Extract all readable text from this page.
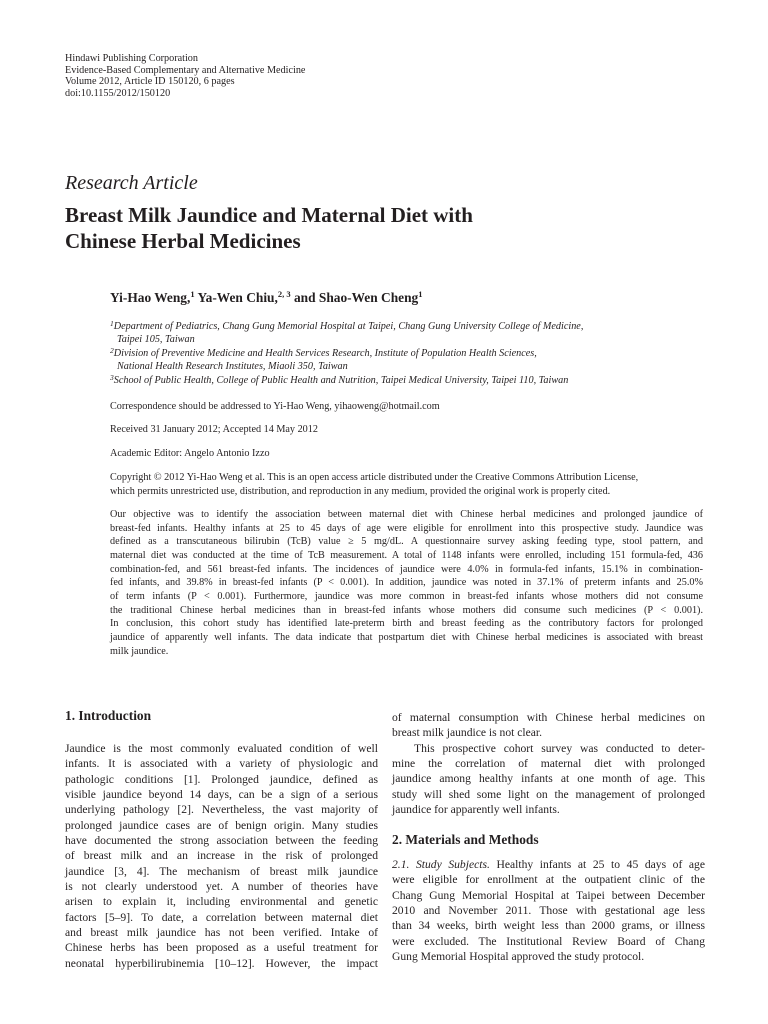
Hindawi Publishing Corporation
Evidence-Based Complementary and Alternative Medicine
Volume 2012, Article ID 150120, 6 pages
doi:10.1155/2012/150120
Research Article
Breast Milk Jaundice and Maternal Diet with
Chinese Herbal Medicines
Yi-Hao Weng,$^1$ Ya-Wen Chiu,$^{2, 3}$ and Shao-Wen Cheng$^1$
$^1$Department of Pediatrics, Chang Gung Memorial Hospital at Taipei, Chang Gung University College of Medicine,
Taipei 105, Taiwan
$^2$Division of Preventive Medicine and Health Services Research, Institute of Population Health Sciences,
National Health Research Institutes, Miaoli 350, Taiwan
$^3$School of Public Health, College of Public Health and Nutrition, Taipei Medical University, Taipei 110, Taiwan
Correspondence should be addressed to Yi-Hao Weng, yihaoweng@hotmail.com
Received 31 January 2012; Accepted 14 May 2012
Academic Editor: Angelo Antonio Izzo
Copyright © 2012 Yi-Hao Weng et al. This is an open access article distributed under the Creative Commons Attribution License,
which permits unrestricted use, distribution, and reproduction in any medium, provided the original work is properly cited.
Our objective was to identify the association between maternal diet with Chinese herbal medicines and prolonged jaundice of
breast-fed infants. Healthy infants at 25 to 45 days of age were eligible for enrollment into this prospective study. Jaundice was
defined as a transcutaneous bilirubin (TcB) value ≥ 5 mg/dL. A questionnaire survey asking feeding type, stool pattern, and
maternal diet was conducted at the time of TcB measurement. A total of 1148 infants were enrolled, including 151 formula-fed, 436
combination-fed, and 561 breast-fed infants. The incidences of jaundice were 4.0% in formula-fed infants, 15.1% in combination-
fed infants, and 39.8% in breast-fed infants (P < 0.001). In addition, jaundice was noted in 37.1% of preterm infants and 25.0%
of term infants (P < 0.001). Furthermore, jaundice was more common in breast-fed infants whose mothers did not consume
the traditional Chinese herbal medicines than in breast-fed infants whose mothers did consume such medicines (P < 0.001).
In conclusion, this cohort study has identified late-preterm birth and breast feeding as the contributory factors for prolonged
jaundice of apparently well infants. The data indicate that postpartum diet with Chinese herbal medicines is associated with breast
milk jaundice.
1. Introduction
Jaundice is the most commonly evaluated condition of well
infants. It is associated with a variety of physiologic and
pathologic conditions [1]. Prolonged jaundice, defined as
visible jaundice beyond 14 days, can be a sign of a serious
underlying pathology [2]. Nevertheless, the vast majority of
prolonged jaundice cases are of benign origin. Many studies
have documented the strong association between the feeding
of breast milk and an increase in the risk of prolonged
jaundice [3, 4]. The mechanism of breast milk jaundice
is not clearly understood yet. A number of theories have
arisen to explain it, including environmental and genetic
factors [5–9]. To date, a correlation between maternal diet
and breast milk jaundice has not been verified. Intake of
Chinese herbs has been proposed as a useful treatment for
neonatal hyperbilirubinemia [10–12]. However, the impact
of maternal consumption with Chinese herbal medicines on
breast milk jaundice is not clear.
This prospective cohort survey was conducted to deter-
mine the correlation of maternal diet with prolonged
jaundice among healthy infants at one month of age. This
study will shed some light on the management of prolonged
jaundice for apparently well infants.
2. Materials and Methods
2.1. Study Subjects. Healthy infants at 25 to 45 days of age
were eligible for enrollment at the outpatient clinic of the
Chang Gung Memorial Hospital at Taipei between December
2010 and November 2011. Those with gestational age less
than 34 weeks, birth weight less than 2000 grams, or illness
were excluded. The Institutional Review Board of Chang
Gung Memorial Hospital approved the study protocol.
